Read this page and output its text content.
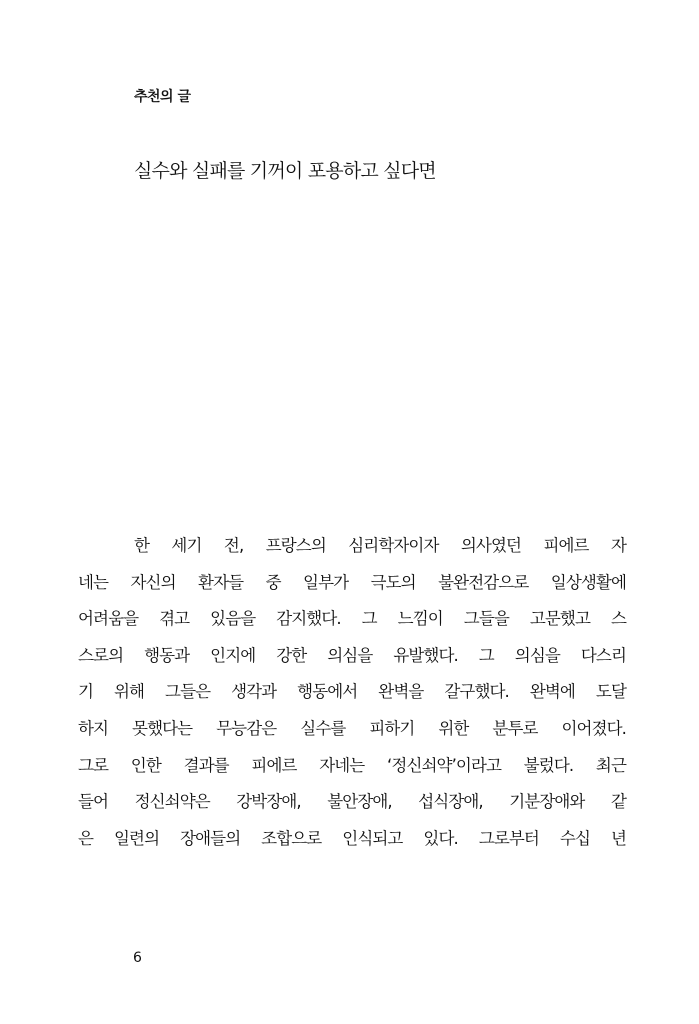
추천의 글
실수와 실패를 기꺼이 포용하고 싶다면
한 세기 전, 프랑스의 심리학자이자 의사였던 피에르 자
네는 자신의 환자들 중 일부가 극도의 불완전감으로 일상생활에
어려움을 겪고 있음을 감지했다. 그 느낌이 그들을 고문했고 스
스로의 행동과 인지에 강한 의심을 유발했다. 그 의심을 다스리
기 위해 그들은 생각과 행동에서 완벽을 갈구했다. 완벽에 도달
하지 못했다는 무능감은 실수를 피하기 위한 분투로 이어졌다.
그로 인한 결과를 피에르 자네는 ‘정신쇠약’이라고 불렀다. 최근
들어 정신쇠약은 강박장애, 불안장애, 섭식장애, 기분장애와 같
은 일련의 장애들의 조합으로 인식되고 있다. 그로부터 수십 년
6
